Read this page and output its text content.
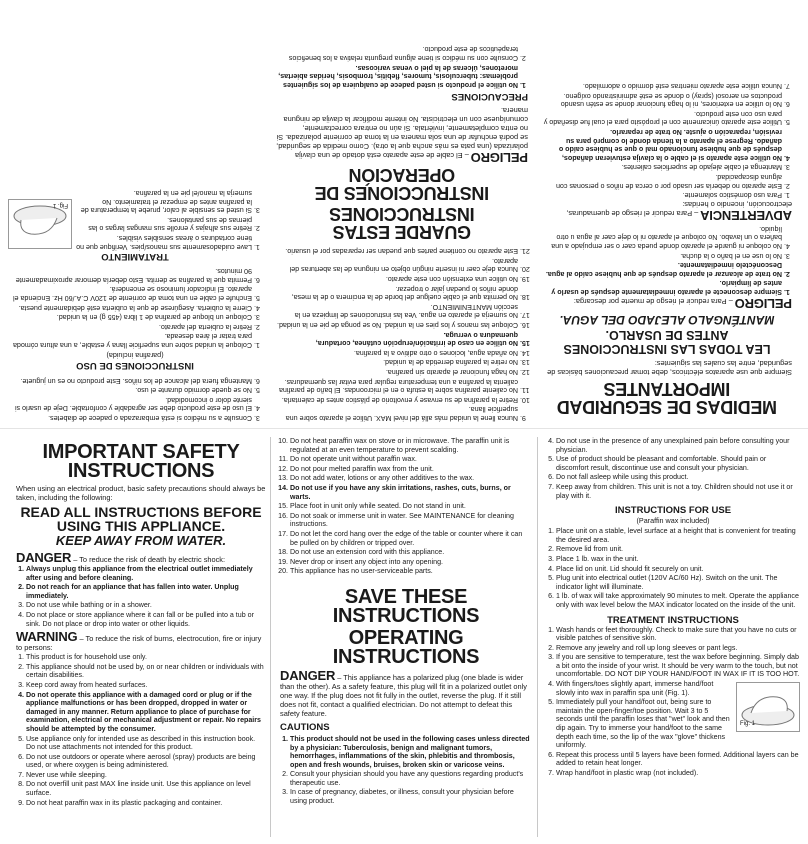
MEDIDAS DE SEGURIDAD IMPORTANTES

Siempre que use aparatos eléctricos, debe tomar precauciones básicas de seguridad, entre las cuales las siguientes:

LEA TODAS LAS INSTRUCCIONES ANTES DE USARLO.

MANTÉNGALO ALEJADO DEL AGUA.

PELIGRO – Para reducir el riesgo de muerte por descarga:

1. Siempre desconecte el aparato inmediatamente después de usarlo y antes de limpiarlo.
2. No trate de alcanzar el aparato después de que hubiese caído al agua. Desconéctelo inmediatamente.
3. No lo use en el baño o la ducha.
4. No coloque ni guarde el aparato donde pueda caer o ser empujado a una bañera o un lavabo. No coloque el aparato ni lo deje caer al agua u otro líquido.

ADVERTENCIA – Para reducir el riesgo de quemaduras, electrocución, incendio o heridas:

1. Para uso doméstico solamente.
2. Este aparato no debería ser usado por o cerca de niños o personas con alguna discapacidad.
3. Mantenga el cable alejado de superficies calientes.
4. No utilice este aparato si el cable o la clavija estuvieran dañados, después de que hubiese funcionado mal o que se hubiese caído o dañado. Regrese el aparato a la tienda donde lo compró para su revisión, reparación o ajuste. No trate de repararlo.
5. Utilice este aparato únicamente con el propósito para el cual fue diseñado y para uso con este producto.
6. No lo utilice en exteriores, ni lo haga funcionar donde se estén usando productos en aerosol (spray) o donde se esté administrando oxígeno.
7. Nunca utilice este aparato mientras esté dormido o adormilado.
9. Nunca llene la unidad más allá del nivel MAX. Utilice el aparato sobre una superficie llana.
10. Retire la parafina de su envase y envoltorio de plástico antes de calentarla.
11. No caliente parafina sobre la estufa o en el microondas. El baño de parafina calienta la parafina a una temperatura regular para evitar las quemaduras.
12. No haga funcionar el aparato sin parafina.
13. No retire la parafina derretida de la unidad.
14. No añada agua, lociones o otro aditivo a la parafina.
15. No utilice en caso de irritación/erupción cutánea, cortadura, quemadura o verruga.
16. Coloque las manos y los pies en la unidad. No se ponga de pie en la unidad.
17. No sumerja el aparato en agua. Vea las instrucciones de limpieza en la sección MANTENIMIENTO.
18. No permita que el cable cuelgue del borde de la encimera o de la mesa, donde niños lo puedan jalar o tropezar.
19. No utilice una extensión con este aparato.
20. Nunca deje caer ni inserte ningún objeto en ninguna de las aberturas del aparato.
21. Este aparato no contiene partes que puedan ser reparadas por el usuario.
GUARDE ESTAS INSTRUCCIONES
INSTRUCCIONES DE OPERACIÓN

PELIGRO – El cable de este aparato está dotado de una clavija polarizada (una pata es más ancha que la otra). Como medida de seguridad, se podrá enchufar de una sola manera en la toma de corriente polarizada. Si no entra completamente, inviértala. Si aún no entrara correctamente, comuníquese con un electricista. No intente modificar la clavija de ninguna manera.

PRECAUCIONES

1. No utilice el producto si usted padece de cualquiera de los siguientes problemas: tuberculosis, tumores, flebitis, trombosis, heridas abiertas, moretones, úlceras de la piel o venas varicosas.
2. Consulte con su médico si tiene alguna pregunta relativa a los beneficios terapéuticos de este producto.
3. Consulte a su médico si está embarazada o padece de diabetes.
4. El uso de este producto debe ser agradable y confortable. Deje de usarlo si siente dolor o incomodidad.
5. No se quede dormido durante el uso.
6. Mantenga fuera del alcance de los niños. Este producto no es un juguete.

INSTRUCCIONES DE USO

(parafina incluida)

1. Coloque la unidad sobre una superficie llana y estable, a una altura cómoda para tratar el área deseada.
2. Retire la cubierta del aparato.
3. Coloque un bloque de parafina de 1 libra (455 g) en la unidad.
4. Cierre la cubierta. Asegúrese de que la cubierta esté debidamente puesta.
5. Enchufe el cable en una toma de corriente de 120V C.A./60 Hz. Encienda el aparato. El indicador luminoso se encenderá.
6. Permita que la parafina se derrita. Esto debería demorar aproximadamente 90 minutos.

TRATAMIENTO

Fig. 1
1. Lave cuidadosamente sus manos/pies. Verifique que no tiene cortaduras o áreas sensibles visibles.
2. Retire sus alhajas y enrolle sus mangas largas o las piernas de sus pantalones.
3. Si usted es sensible al calor, pruebe la temperatura de la parafina antes de empezar el tratamiento. No sumerja la mano/el pie en la parafina.
IMPORTANT SAFETY INSTRUCTIONS

When using an electrical product, basic safety precautions should always be taken, including the following:

READ ALL INSTRUCTIONS BEFORE USING THIS APPLIANCE.

KEEP AWAY FROM WATER.

DANGER – To reduce the risk of death by electric shock:

1. Always unplug this appliance from the electrical outlet immediately after using and before cleaning.
2. Do not reach for an appliance that has fallen into water. Unplug immediately.
3. Do not use while bathing or in a shower.
4. Do not place or store appliance where it can fall or be pulled into a tub or sink. Do not place or drop into water or other liquids.

WARNING – To reduce the risk of burns, electrocution, fire or injury to persons:

1. This product is for household use only.
2. This appliance should not be used by, on or near children or individuals with certain disabilities.
3. Keep cord away from heated surfaces.
4. Do not operate this appliance with a damaged cord or plug or if the appliance malfunctions or has been dropped, dropped in water or damaged in any manner. Return appliance to place of purchase for examination, electrical or mechanical adjustment or repair. No repairs should be attempted by the consumer.
5. Use appliance only for intended use as described in this instruction book. Do not use attachments not intended for this product.
6. Do not use outdoors or operate where aerosol (spray) products are being used, or where oxygen is being administered.
7. Never use while sleeping.
8. Do not overfill unit past MAX line inside unit. Use this appliance on level surface.
9. Do not heat paraffin wax in its plastic packaging and container.
10. Do not heat paraffin wax on stove or in microwave. The paraffin unit is regulated at an even temperature to prevent scalding.
11. Do not operate unit without paraffin wax.
12. Do not pour melted paraffin wax from the unit.
13. Do not add water, lotions or any other additives to the wax.
14. Do not use if you have any skin irritations, rashes, cuts, burns, or warts.
15. Place foot in unit only while seated. Do not stand in unit.
16. Do not soak or immerse unit in water. See MAINTENANCE for cleaning instructions.
17. Do not let the cord hang over the edge of the table or counter where it can be pulled on by children or tripped over.
18. Do not use an extension cord with this appliance.
19. Never drop or insert any object into any opening.
20. This appliance has no user-serviceable parts.
SAVE THESE INSTRUCTIONS
OPERATING INSTRUCTIONS

DANGER – This appliance has a polarized plug (one blade is wider than the other). As a safety feature, this plug will fit in a polarized outlet only one way. If the plug does not fit fully in the outlet, reverse the plug. If it still does not fit, contact a qualified electrician. Do not attempt to defeat this safety feature.

CAUTIONS

1. This product should not be used in the following cases unless directed by a physician: Tuberculosis, benign and malignant tumors, hemorrhages, inflammations of the skin, phlebitis and thrombosis, open and fresh wounds, bruises, broken skin or varicose veins.
2. Consult your physician should you have any questions regarding product's therapeutic use.
3. In case of pregnancy, diabetes, or illness, consult your physician before using product.
4. Do not use in the presence of any unexplained pain before consulting your physician.
5. Use of product should be pleasant and comfortable. Should pain or discomfort result, discontinue use and consult your physician.
6. Do not fall asleep while using this product.
7. Keep away from children. This unit is not a toy. Children should not use it or play with it.

INSTRUCTIONS FOR USE

(Paraffin wax included)

1. Place unit on a stable, level surface at a height that is convenient for treating the desired area.
2. Remove lid from unit.
3. Place 1 lb. wax in the unit.
4. Place lid on unit. Lid should fit securely on unit.
5. Plug unit into electrical outlet (120V AC/60 Hz). Switch on the unit. The indicator light will illuminate.
6. 1 lb. of wax will take approximately 90 minutes to melt. Operate the appliance only with wax level below the MAX indicator located on the inside of the unit.

TREATMENT INSTRUCTIONS

1. Wash hands or feet thoroughly. Check to make sure that you have no cuts or visible patches of sensitive skin.
2. Remove any jewelry and roll up long sleeves or pant legs.
3. If you are sensitive to temperature, test the wax before beginning. Simply dab a bit onto the inside of your wrist. It should be very warm to the touch, but not uncomfortable. DO NOT DIP YOUR HAND/FOOT IN WAX IF IT IS TOO HOT.
4. Fig. 1
With fingers/toes slightly apart, immerse hand/foot slowly into wax in paraffin spa unit (Fig. 1).
5. Immediately pull your hand/foot out, being sure to maintain the open-finger/toe position. Wait 3 to 5 seconds until the paraffin loses that "wet" look and then dip again. Try to immerse your hand/foot to the same depth each time, so the lip of the wax "glove" thickens uniformly.
6. Repeat this process until 5 layers have been formed. Additional layers can be added to retain heat longer.
7. Wrap hand/foot in plastic wrap (not included).
